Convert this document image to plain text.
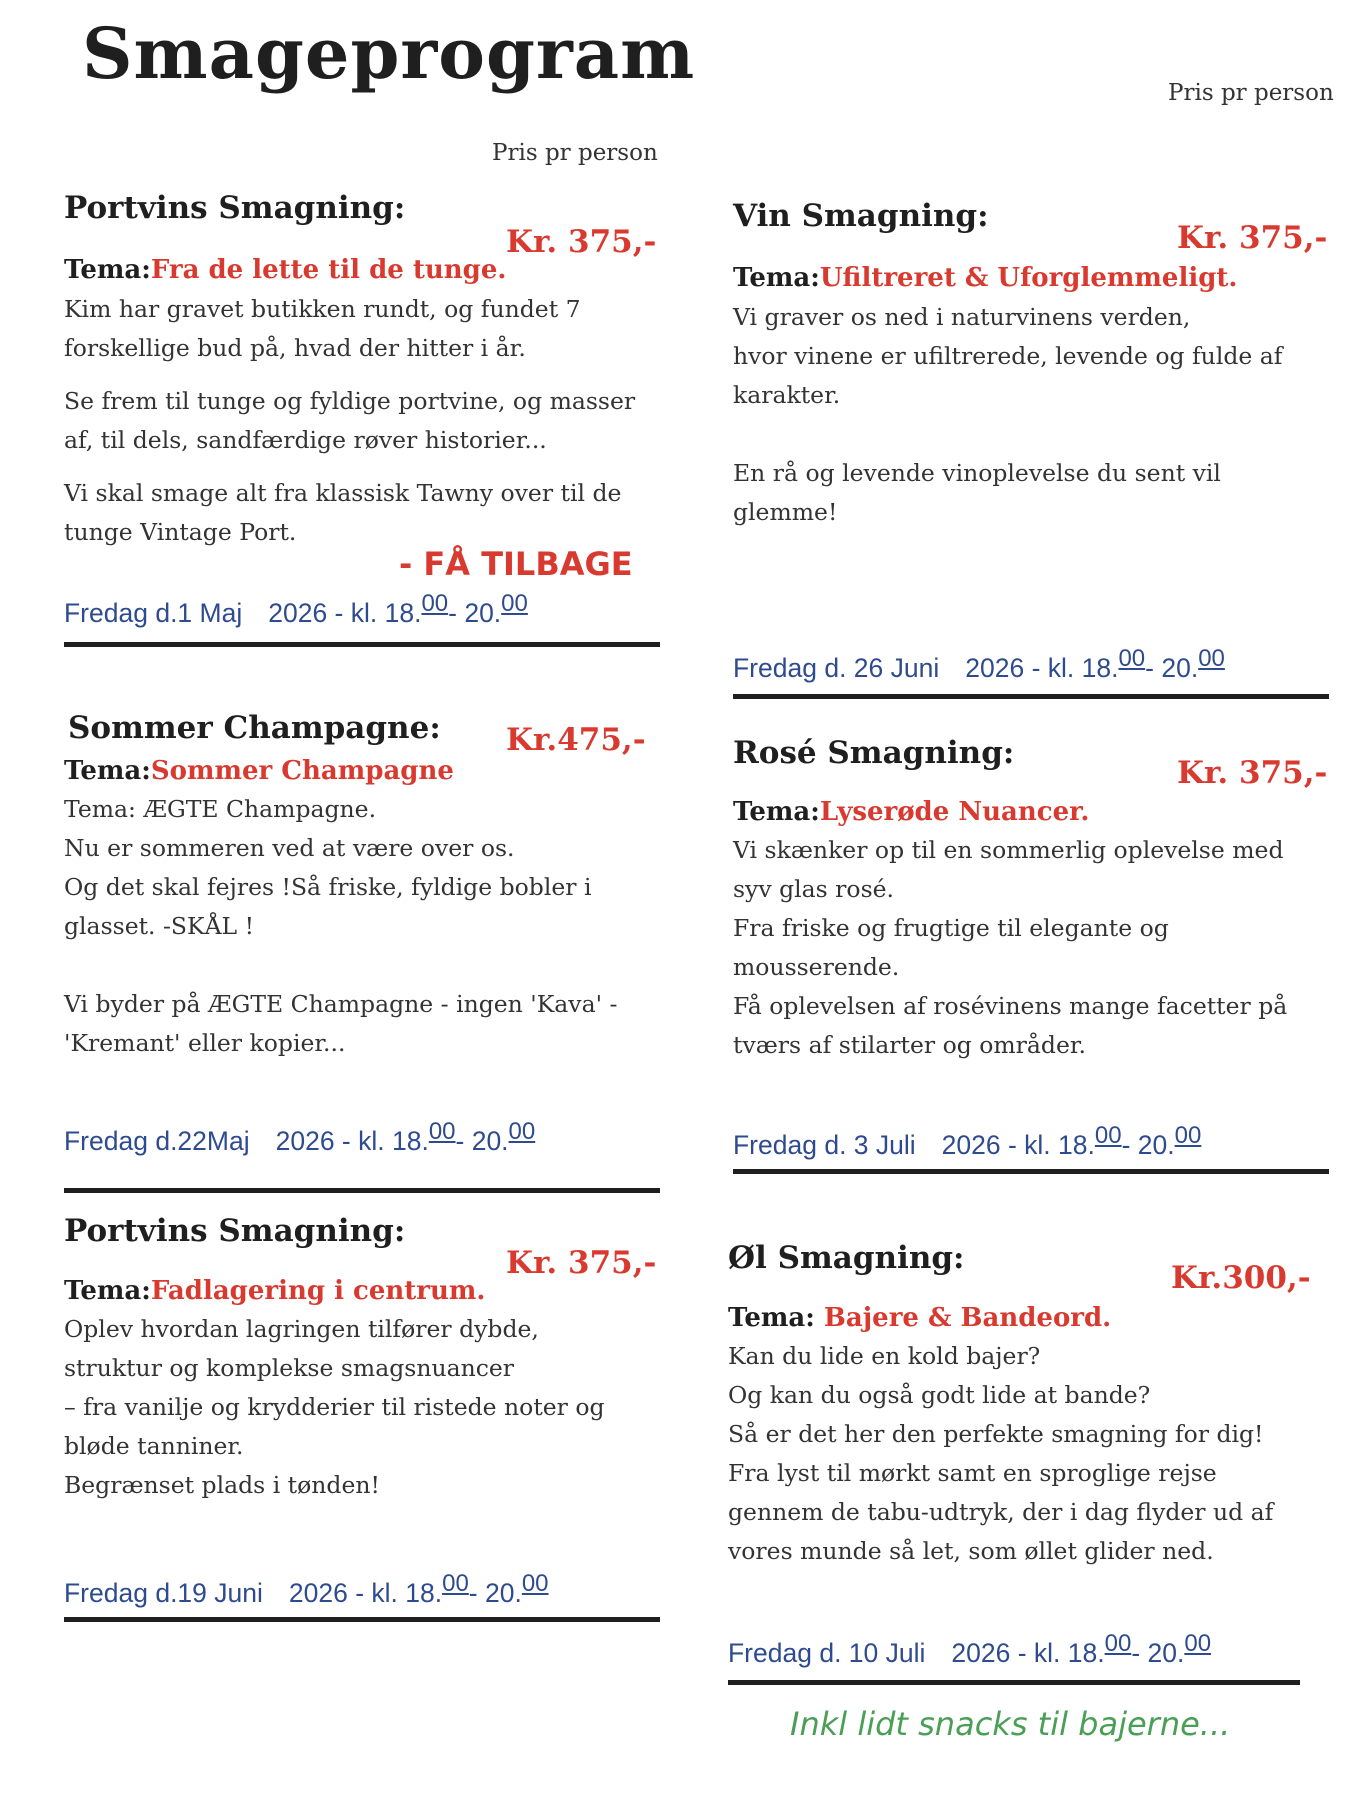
Smageprogram	Pris pr person
Pris pr person
Portvins Smagning:
Kr. 375,-
Tema:Fra de lette til de tunge.

Kim har gravet butikken rundt, og fundet 7

forskellige bud på, hvad der hitter i år.

Se frem til tunge og fyldige portvine, og masser

af, til dels, sandfærdige røver historier...

Vi skal smage alt fra klassisk Tawny over til de

tunge Vintage Port.

- FÅ TILBAGE
Fredag d.1 Maj 2026 - kl. 18.00- 20.00
Vin Smagning:
Kr. 375,-
Tema:Ufiltreret & Uforglemmeligt.

Vi graver os ned i naturvinens verden,

hvor vinene er ufiltrerede, levende og fulde af

karakter.

En rå og levende vinoplevelse du sent vil

glemme!

Fredag d. 26 Juni 2026 - kl. 18.00- 20.00
Sommer Champagne: Kr.475,-
Tema:Sommer Champagne

Tema: ÆGTE Champagne.

Nu er sommeren ved at være over os.

Og det skal fejres !Så friske, fyldige bobler i

glasset. -SKÅL !

Vi byder på ÆGTE Champagne - ingen 'Kava' -

'Kremant' eller kopier...

Fredag d.22Maj 2026 - kl. 18.00- 20.00
Rosé Smagning:
Kr. 375,-
Tema:Lyserøde Nuancer.

Vi skænker op til en sommerlig oplevelse med

syv glas rosé.

Fra friske og frugtige til elegante og

mousserende.

Få oplevelsen af rosévinens mange facetter på

tværs af stilarter og områder.

Fredag d. 3 Juli 2026 - kl. 18.00- 20.00
Portvins Smagning:
Kr. 375,-
Tema:Fadlagering i centrum.

Oplev hvordan lagringen tilfører dybde,

struktur og komplekse smagsnuancer

– fra vanilje og krydderier til ristede noter og

bløde tanniner.

Begrænset plads i tønden!

Fredag d.19 Juni 2026 - kl. 18.00- 20.00
Øl Smagning:
Kr.300,-
Tema: Bajere & Bandeord.

Kan du lide en kold bajer?

Og kan du også godt lide at bande?

Så er det her den perfekte smagning for dig!

Fra lyst til mørkt samt en sproglige rejse

gennem de tabu-udtryk, der i dag flyder ud af

vores munde så let, som øllet glider ned.

Fredag d. 10 Juli 2026 - kl. 18.00- 20.00
Inkl lidt snacks til bajerne...
